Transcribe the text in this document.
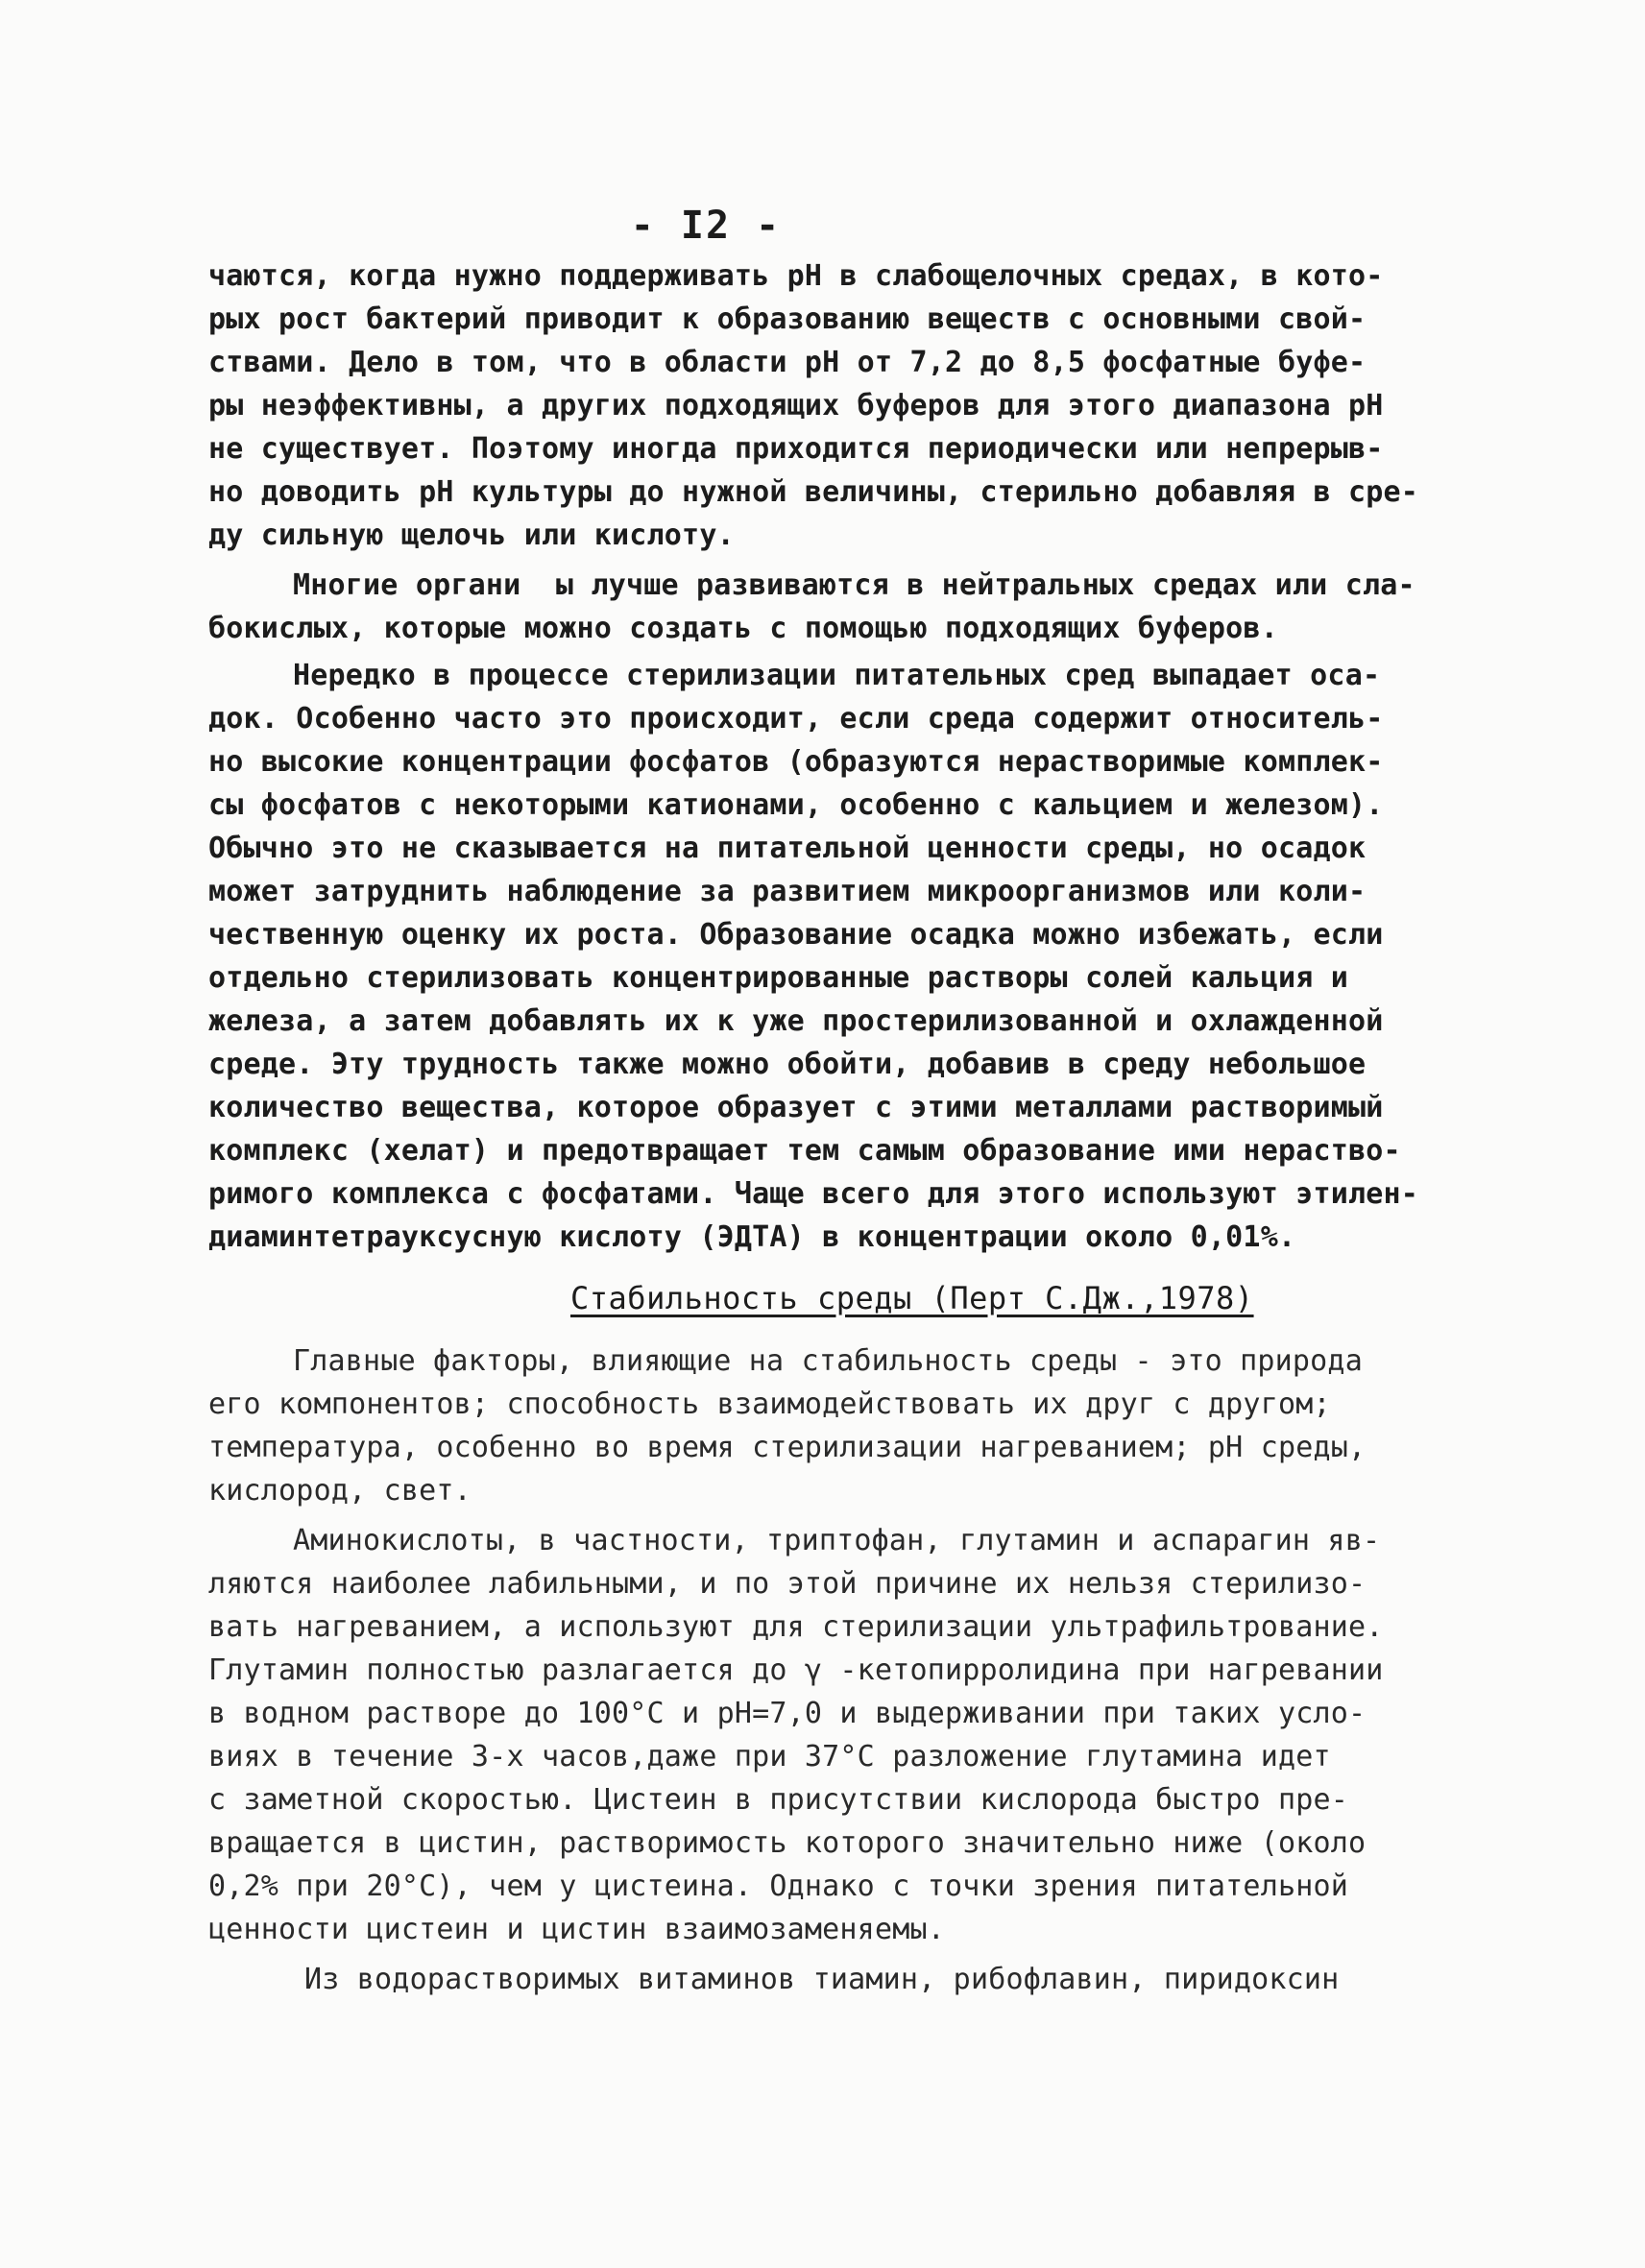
- I2 -
чаются, когда нужно поддерживать pH в слабощелочных средах, в кото-
рых рост бактерий приводит к образованию веществ с основными свой-
ствами. Дело в том, что в области pH от 7,2 до 8,5 фосфатные буфе-
ры неэффективны, а других подходящих буферов для этого диапазона pH
не существует. Поэтому иногда приходится периодически или непрерыв-
но доводить pH культуры до нужной величины, стерильно добавляя в сре-
ду сильную щелочь или кислоту.
Многие органи  ы лучше развиваются в нейтральных средах или сла-
бокислых, которые можно создать с помощью подходящих буферов.
Нередко в процессе стерилизации питательных сред выпадает оса-
док. Особенно часто это происходит, если среда содержит относитель-
но высокие концентрации фосфатов (образуются нерастворимые комплек-
сы фосфатов с некоторыми катионами, особенно с кальцием и железом).
Обычно это не сказывается на питательной ценности среды, но осадок
может затруднить наблюдение за развитием микроорганизмов или коли-
чественную оценку их роста. Образование осадка можно избежать, если
отдельно стерилизовать концентрированные растворы солей кальция и
железа, а затем добавлять их к уже простерилизованной и охлажденной
среде. Эту трудность также можно обойти, добавив в среду небольшое
количество вещества, которое образует с этими металлами растворимый
комплекс (хелат) и предотвращает тем самым образование ими нераство-
римого комплекса с фосфатами. Чаще всего для этого используют этилен-
диаминтетрауксусную кислоту (ЭДТА) в концентрации около 0,01%.
Стабильность среды (Перт С.Дж.,1978)
Главные факторы, влияющие на стабильность среды - это природа
его компонентов; способность взаимодействовать их друг с другом;
температура, особенно во время стерилизации нагреванием; pH среды,
кислород, свет.
Аминокислоты, в частности, триптофан, глутамин и аспарагин яв-
ляются наиболее лабильными, и по этой причине их нельзя стерилизо-
вать нагреванием, а используют для стерилизации ультрафильтрование.
Глутамин полностью разлагается до γ -кетопирролидина при нагревании
в водном растворе до 100°С и pH=7,0 и выдерживании при таких усло-
виях в течение 3-х часов,даже при 37°С разложение глутамина идет
с заметной скоростью. Цистеин в присутствии кислорода быстро пре-
вращается в цистин, растворимость которого значительно ниже (около
0,2% при 20°С), чем у цистеина. Однако с точки зрения питательной
ценности цистеин и цистин взаимозаменяемы.
Из водорастворимых витаминов тиамин, рибофлавин, пиридоксин
